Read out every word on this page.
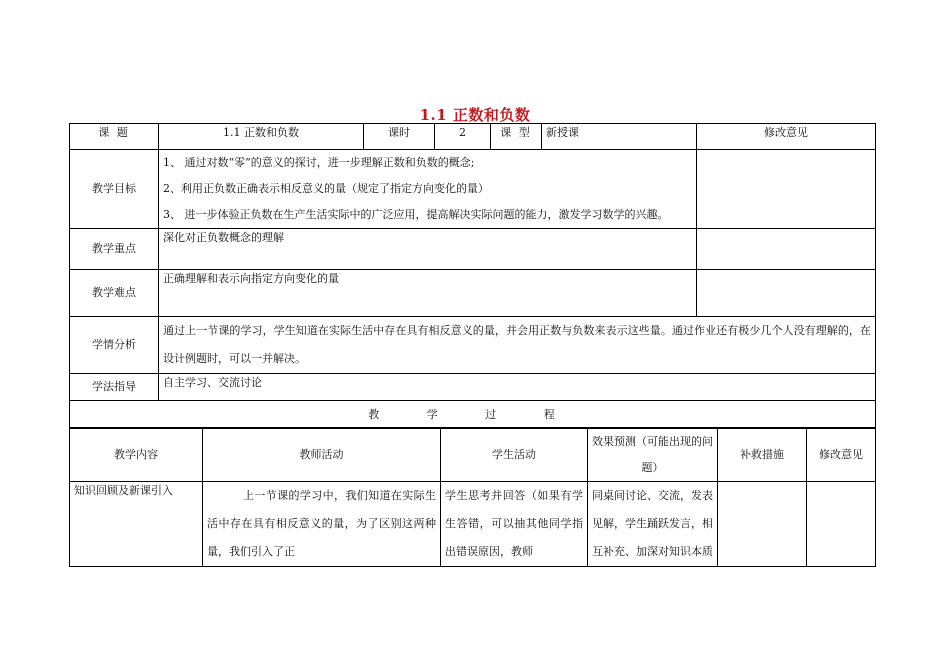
1.1 正数和负数
课 题	1.1 正数和负数	课时	2	课 型	新授课	修改意见
教学目标	1、 通过对数“零”的意义的探讨，进一步理解正数和负数的概念;

2、利用正负数正确表示相反意义的量（规定了指定方向变化的量）

3、 进一步体验正负数在生产生活实际中的广泛应用，提高解决实际问题的能力，激发学习数学的兴趣。					

教学重点	深化对正负数概念的理解					
教学难点	正确理解和表示向指定方向变化的量					
学情分析	通过上一节课的学习，学生知道在实际生活中存在具有相反意义的量，并会用正数与负数来表示这些量。通过作业还有极少几个人没有理解的，在设计例题时，可以一并解决。					
学法指导	自主学习、交流讨论					
教 学 过 程						
教学内容	教师活动	学生活动	效果预测（可能出现的问题）	补救措施	修改意见
知识回顾及新课引入	上一节课的学习中，我们知道在实际生活中存在具有相反意义的量，为了区别这两种量，我们引入了正	学生思考并回答（如果有学生答错，可以抽其他同学指出错误原因，教师	同桌间讨论、交流，发表见解，学生踊跃发言，相互补充、加深对知识本质		
